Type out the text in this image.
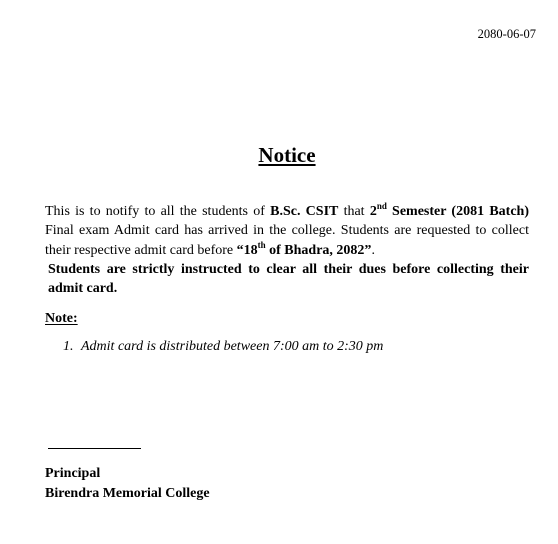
2080-06-07
Notice

This is to notify to all the students of B.Sc. CSIT that 2nd Semester (2081 Batch) Final exam Admit card has arrived in the college. Students are requested to collect their respective admit card before “18th of Bhadra, 2082”.

Students are strictly instructed to clear all their dues before collecting their admit card.

Note:
1. Admit card is distributed between 7:00 am to 2:30 pm
Principal
Birendra Memorial College
